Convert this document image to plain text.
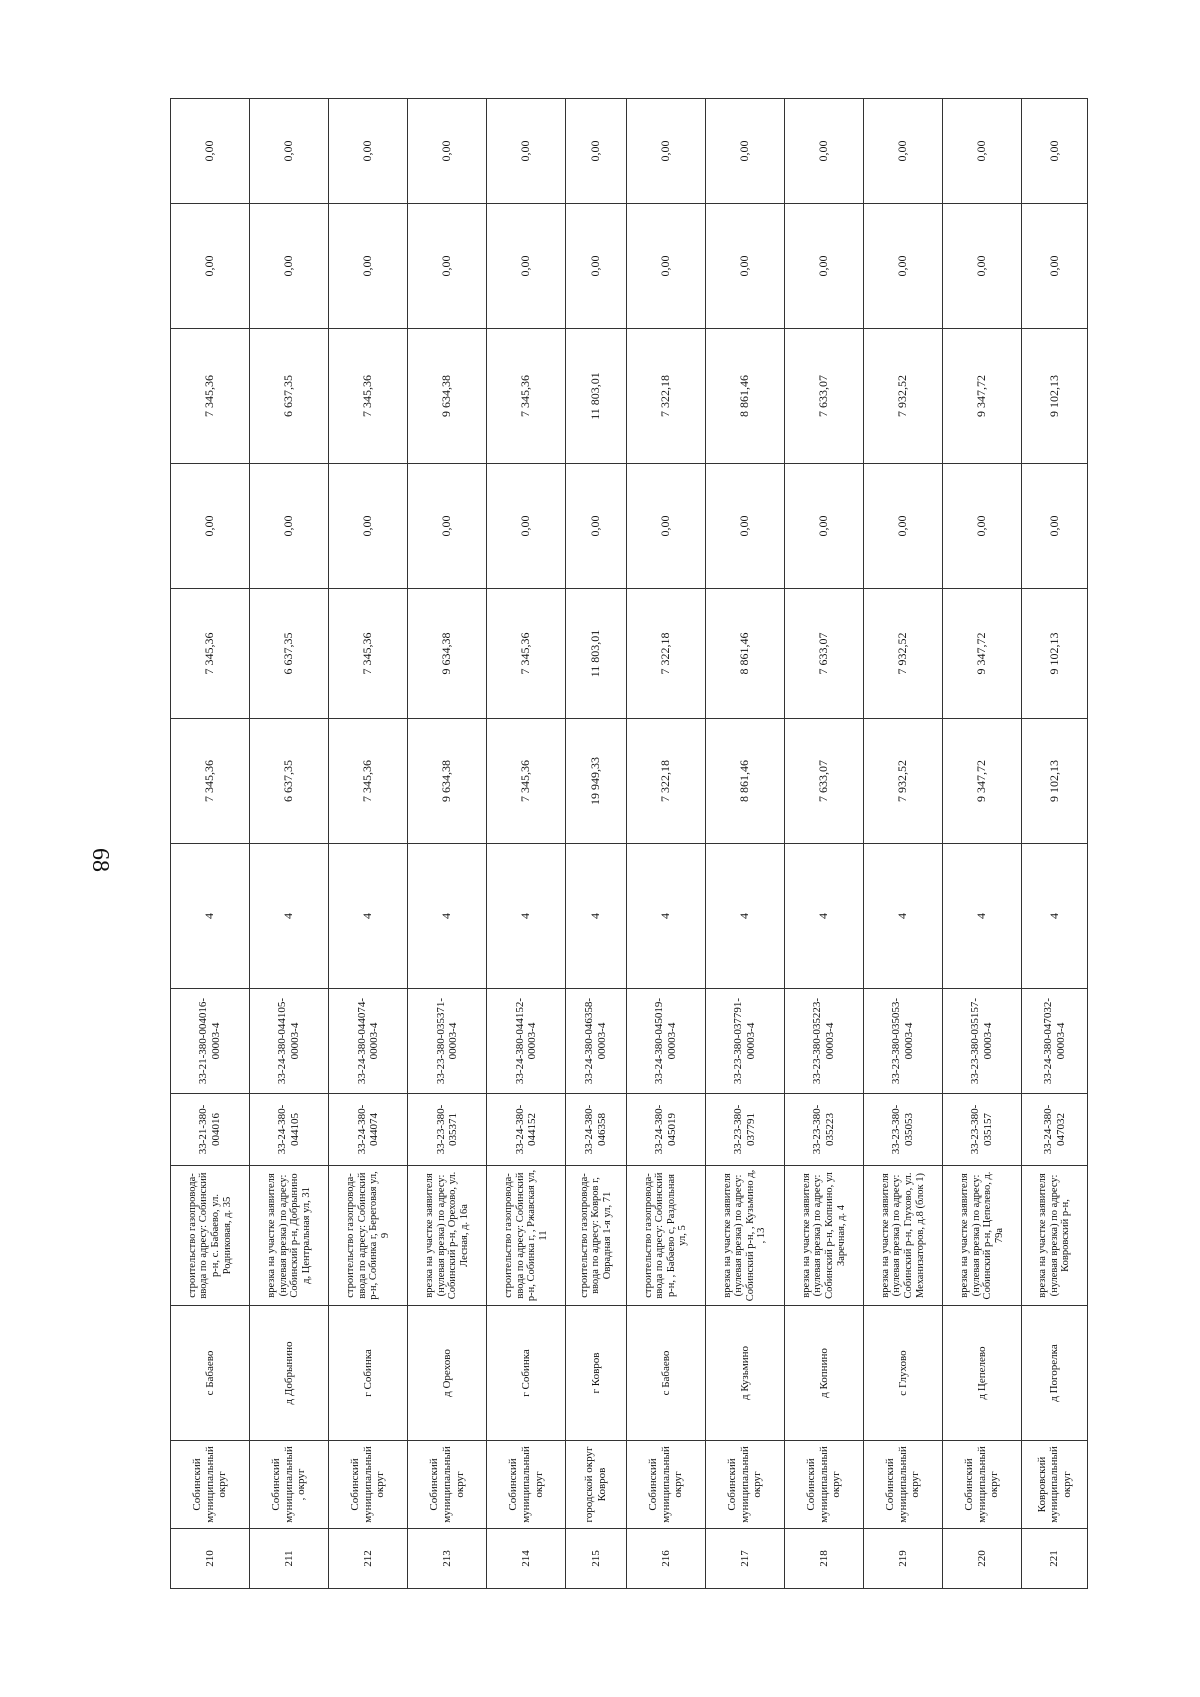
68
210	Собинский муниципальный округ	с Бабаево	строительство газопровода-ввода по адресу: Собинский р-н, с. Бабаево, ул. Родниковая, д. 35	33-21-380-004016	33-21-380-004016-00003-4	4	7 345,36	7 345,36	0,00	7 345,36	0,00	0,00
211	Собинский муниципальный , округ	д Добрынино	врезка на участке заявителя (нулевая врезка) по адресу: Собинский р-н, Добрынино д, Центральная ул, 31	33-24-380-044105	33-24-380-044105-00003-4	4	6 637,35	6 637,35	0,00	6 637,35	0,00	0,00
212	Собинский муниципальный округ	г Собинка	строительство газопровода-ввода по адресу: Собинский р-н, Собинка г, Береговая ул, 9	33-24-380-044074	33-24-380-044074-00003-4	4	7 345,36	7 345,36	0,00	7 345,36	0,00	0,00
213	Собинский муниципальный округ	д Орехово	врезка на участке заявителя (нулевая врезка) по адресу: Собинский р-н, Орехово, ул. Лесная, д. 16а	33-23-380-035371	33-23-380-035371-00003-4	4	9 634,38	9 634,38	0,00	9 634,38	0,00	0,00
214	Собинский муниципальный округ	г Собинка	строительство газопровода-ввода по адресу: Собинский р-н, Собинка г, , Ржавская ул, 11	33-24-380-044152	33-24-380-044152-00003-4	4	7 345,36	7 345,36	0,00	7 345,36	0,00	0,00
215	городской округ Ковров	г Ковров	строительство газопровода-ввода по адресу: Ковров г, Оврадная 1-я ул, 71	33-24-380-046358	33-24-380-046358-00003-4	4	19 949,33	11 803,01	0,00	11 803,01	0,00	0,00
216	Собинский муниципальный округ	с Бабаево	строительство газопровода-ввода по адресу: Собинский р-н, , Бабаево с, Раздольная ул, 5	33-24-380-045019	33-24-380-045019-00003-4	4	7 322,18	7 322,18	0,00	7 322,18	0,00	0,00
217	Собинский муниципальный округ	д Кузьмино	врезка на участке заявителя (нулевая врезка) по адресу: Собинский р-н, , Кузьмино д, , 13	33-23-380-037791	33-23-380-037791-00003-4	4	8 861,46	8 861,46	0,00	8 861,46	0,00	0,00
218	Собинский муниципальный округ	д Копнино	врезка на участке заявителя (нулевая врезка) по адресу: Собинский р-н, Копнино, ул Заречная, д. 4	33-23-380-035223	33-23-380-035223-00003-4	4	7 633,07	7 633,07	0,00	7 633,07	0,00	0,00
219	Собинский муниципальный округ	с Глухово	врезка на участке заявителя (нулевая врезка) по адресу: Собинский р-н, Глухово, ул. Механизаторов, д.8 (блок 1)	33-23-380-035053	33-23-380-035053-00003-4	4	7 932,52	7 932,52	0,00	7 932,52	0,00	0,00
220	Собинский муниципальный округ	д Цепелево	врезка на участке заявителя (нулевая врезка) по адресу: Собинский р-н, Цепелево, д. 79а	33-23-380-035157	33-23-380-035157-00003-4	4	9 347,72	9 347,72	0,00	9 347,72	0,00	0,00
221	Ковровский муниципальный округ	д Погорелка	врезка на участке заявителя (нулевая врезка) по адресу: Ковровский р-н,	33-24-380-047032	33-24-380-047032-00003-4	4	9 102,13	9 102,13	0,00	9 102,13	0,00	0,00
